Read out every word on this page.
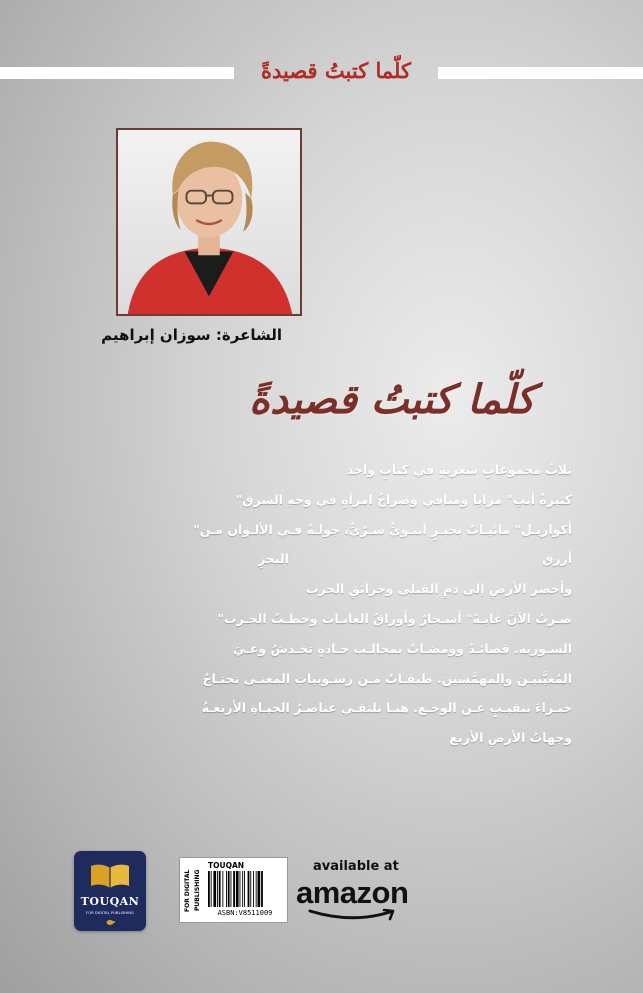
كلّما كتبتُ قصيدةً
الشاعرة: سوزان إبراهيم
كلّما كتبتُ قصيدةً
ثلاثُ مجموعاتٍ شعريةٍ في كتابٍ واحد
كثيرةٌ أنتِ" مرايا ومنافي وصراخُ امرأةٍ في وجهِ الشرق"
أكواريـل" مائيـاتٌ بحبـرٍ أنثـويٍّ سـرّيٍّ، جولـةٌ فـي الألـوان مـن"
أزرق
البحرِ
وأخضر الأرضِ إلى دمِ القتلى وحرائقِ الحرب
صـرتُ الآنَ غابـةً" أشـجارٌ وأوراقُ الغابـات وحطـبُ الحـرب"
السـورية. قصائـدُ وومضـاتٌ بمخالـب حـادةٍ تخـدشُ وعـيَ
المُغيَّبيـن والمهمَّشين. طبقـاتٌ مـن رسـوبياتِ المعنـى تحتـاجُ
خبـراءَ تنقيـبٍ عـن الوجـع. هنـا تلتقـي عناصـرُ الحيـاةِ الأربعـةُ
وجهاتُ الأرضِ الأربع
TOUQAN
FOR DIGITAL PUBLISHING
FOR DIGITAL PUBLISHING
TOUQAN
ASBN:V8511009
available at
amazon
